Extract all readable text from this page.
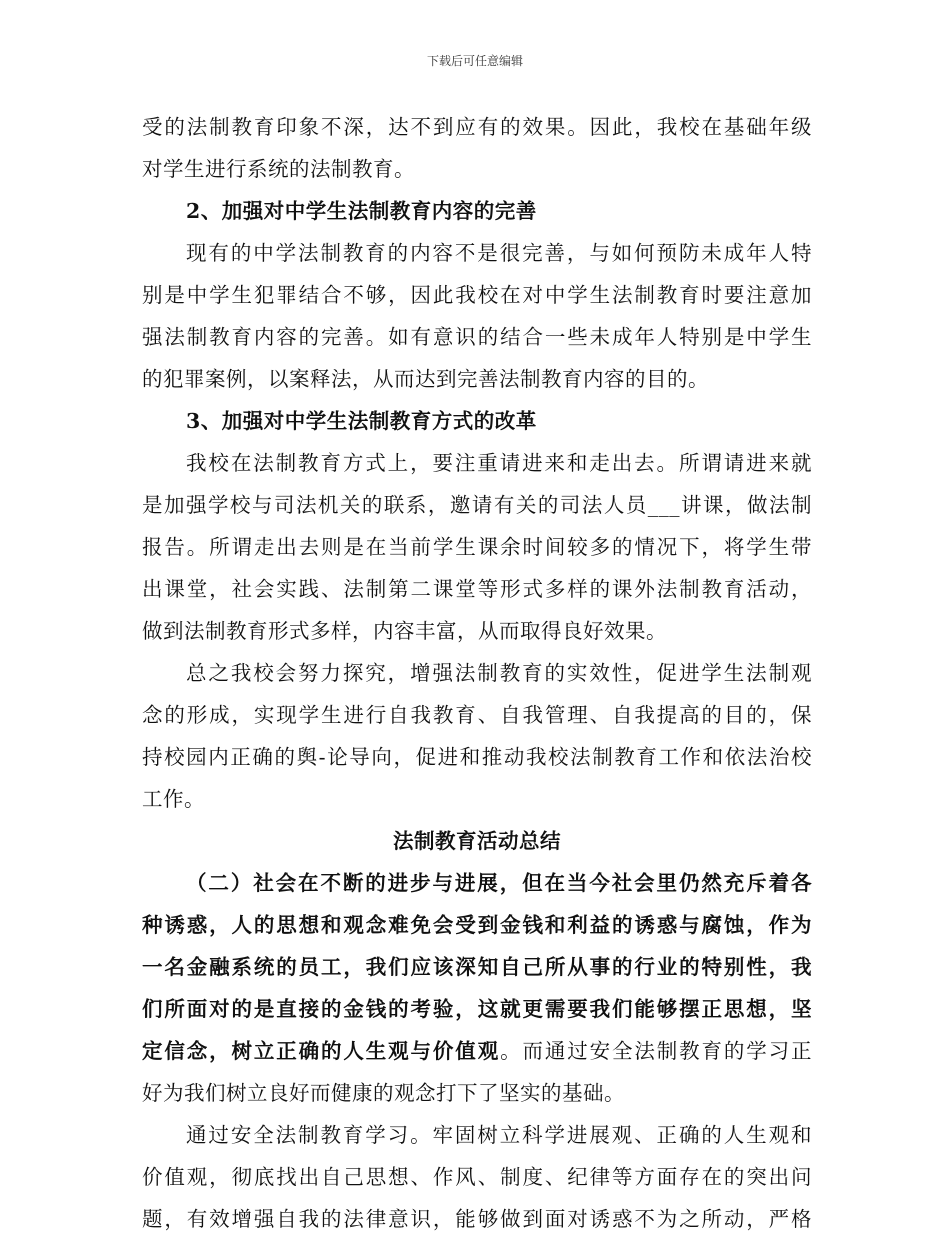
下载后可任意编辑
受的法制教育印象不深，达不到应有的效果。因此，我校在基础年级
对学生进行系统的法制教育。
2、加强对中学生法制教育内容的完善
现有的中学法制教育的内容不是很完善，与如何预防未成年人特
别是中学生犯罪结合不够，因此我校在对中学生法制教育时要注意加
强法制教育内容的完善。如有意识的结合一些未成年人特别是中学生
的犯罪案例，以案释法，从而达到完善法制教育内容的目的。
3、加强对中学生法制教育方式的改革
我校在法制教育方式上，要注重请进来和走出去。所谓请进来就
是加强学校与司法机关的联系，邀请有关的司法人员___讲课，做法制
报告。所谓走出去则是在当前学生课余时间较多的情况下，将学生带
出课堂，社会实践、法制第二课堂等形式多样的课外法制教育活动，
做到法制教育形式多样，内容丰富，从而取得良好效果。
总之我校会努力探究，增强法制教育的实效性，促进学生法制观
念的形成，实现学生进行自我教育、自我管理、自我提高的目的，保
持校园内正确的舆-论导向，促进和推动我校法制教育工作和依法治校
工作。
法制教育活动总结
（二）社会在不断的进步与进展，但在当今社会里仍然充斥着各
种诱惑，人的思想和观念难免会受到金钱和利益的诱惑与腐蚀，作为
一名金融系统的员工，我们应该深知自己所从事的行业的特别性，我
们所面对的是直接的金钱的考验，这就更需要我们能够摆正思想，坚
定信念，树立正确的人生观与价值观。而通过安全法制教育的学习正
好为我们树立良好而健康的观念打下了坚实的基础。
通过安全法制教育学习。牢固树立科学进展观、正确的人生观和
价值观，彻底找出自己思想、作风、制度、纪律等方面存在的突出问
题，有效增强自我的法律意识，能够做到面对诱惑不为之所动，严格
